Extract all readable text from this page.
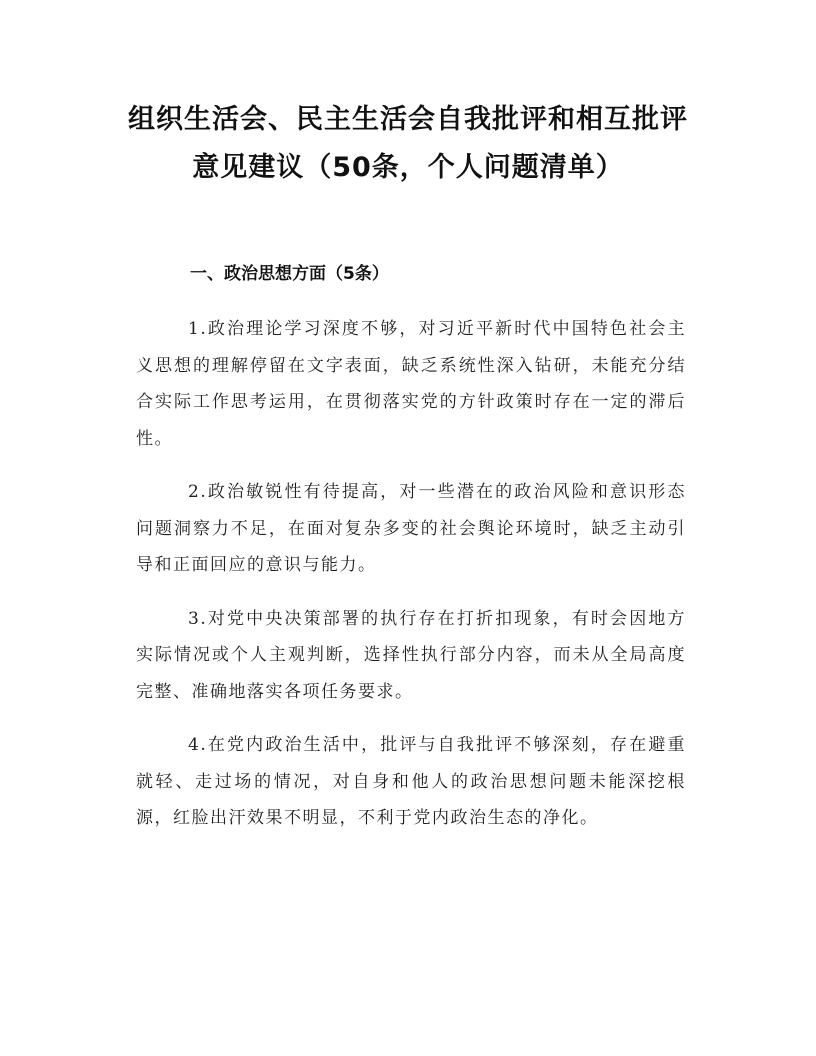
组织生活会、民主生活会自我批评和相互批评意见建议（50条，个人问题清单）
一、政治思想方面（5条）

1.政治理论学习深度不够，对习近平新时代中国特色社会主义思想的理解停留在文字表面，缺乏系统性深入钻研，未能充分结合实际工作思考运用，在贯彻落实党的方针政策时存在一定的滞后性。

2.政治敏锐性有待提高，对一些潜在的政治风险和意识形态问题洞察力不足，在面对复杂多变的社会舆论环境时，缺乏主动引导和正面回应的意识与能力。

3.对党中央决策部署的执行存在打折扣现象，有时会因地方实际情况或个人主观判断，选择性执行部分内容，而未从全局高度完整、准确地落实各项任务要求。

4.在党内政治生活中，批评与自我批评不够深刻，存在避重就轻、走过场的情况，对自身和他人的政治思想问题未能深挖根源，红脸出汗效果不明显，不利于党内政治生态的净化。
